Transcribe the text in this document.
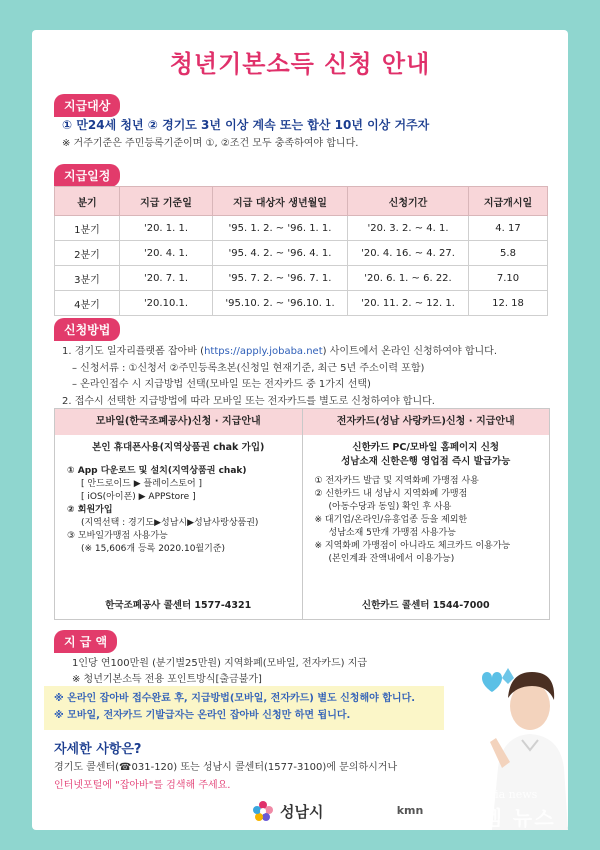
청년기본소득 신청 안내
지급대상
① 만24세 청년 ② 경기도 3년 이상 계속 또는 합산 10년 이상 거주자
※ 거주기준은 주민등록기준이며 ①, ②조건 모두 충족하여야 합니다.
지급일정
분기	지급 기준일	지급 대상자 생년월일	신청기간	지급개시일
1분기	'20. 1. 1.	'95. 1. 2. ~ '96. 1. 1.	'20. 3. 2. ~ 4. 1.	4. 17
2분기	'20. 4. 1.	'95. 4. 2. ~ '96. 4. 1.	'20. 4. 16. ~ 4. 27.	5.8
3분기	'20. 7. 1.	'95. 7. 2. ~ '96. 7. 1.	'20. 6. 1. ~ 6. 22.	7.10
4분기	'20.10.1.	'95.10. 2. ~ '96.10. 1.	'20. 11. 2. ~ 12. 1.	12. 18
신청방법
1. 경기도 일자리플랫폼 잡아바 (https://apply.jobaba.net) 사이트에서 온라인 신청하여야 합니다.
– 신청서류 : ①신청서 ②주민등록초본(신청일 현재기준, 최근 5년 주소이력 포함)
– 온라인접수 시 지급방법 선택(모바일 또는 전자카드 중 1가지 선택)
2. 접수시 선택한 지급방법에 따라 모바일 또는 전자카드를 별도로 신청하여야 합니다.
모바일(한국조폐공사)신청 · 지급안내
본인 휴대폰사용(지역상품권 chak 가입)
① App 다운로드 및 설치(지역상품권 chak)
[ 안드로이드 ▶ 플레이스토어 ]
[ iOS(아이폰) ▶ APPStore ]
② 회원가입
(지역선택 : 경기도▶성남시▶성남사랑상품권)
③ 모바일가맹점 사용가능
(※ 15,606개 등록 2020.10월기준)
한국조폐공사 콜센터 1577-4321
전자카드(성남 사랑카드)신청 · 지급안내
신한카드 PC/모바일 홈페이지 신청
성남소재 신한은행 영업점 즉시 발급가능
① 전자카드 발급 및 지역화폐 가맹점 사용
② 신한카드 내 성남시 지역화폐 가맹점
(아동수당과 동일) 확인 후 사용
※ 대기업/온라인/유흥업종 등을 제외한
성남소재 5만개 가맹점 사용가능
※ 지역화폐 가맹점이 아니라도 체크카드 이용가능
(본인계좌 잔액내에서 이용가능)
신한카드 콜센터 1544-7000
지 급 액
1인당 연100만원 (분기별25만원) 지역화폐(모바일, 전자카드) 지급
※ 청년기본소득 전용 포인트방식[출금불가]
※ 온라인 잡아바 접수완료 후, 지급방법(모바일, 전자카드) 별도 신청해야 합니다.
※ 모바일, 전자카드 기발급자는 온라인 잡아바 신청만 하면 됩니다.
자세한 사항은?
경기도 콜센터(☎031-120) 또는 성남시 콜센터(1577-3100)에 문의하시거나
인터넷포털에 "잡아바"를 검색해 주세요.
성남시	kmn
korea media news
케이엠 뉴스
